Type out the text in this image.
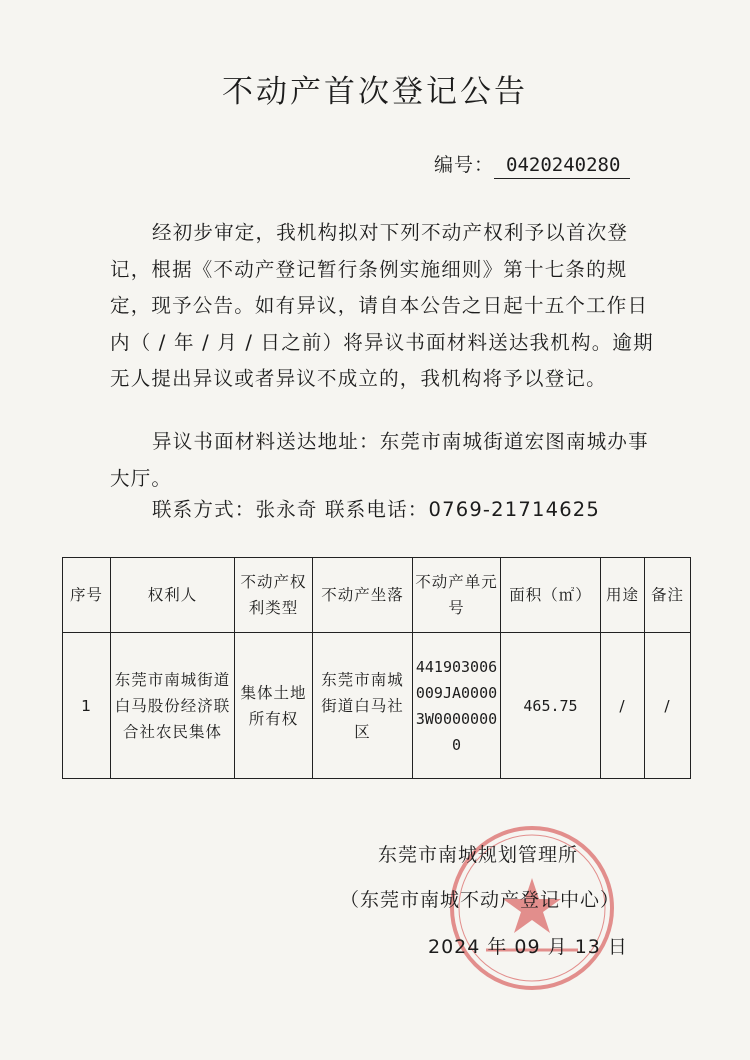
不动产首次登记公告
编号： 0420240280

经初步审定，我机构拟对下列不动产权利予以首次登记，根据《不动产登记暂行条例实施细则》第十七条的规定，现予公告。如有异议，请自本公告之日起十五个工作日内（ / 年 / 月 / 日之前）将异议书面材料送达我机构。逾期无人提出异议或者异议不成立的，我机构将予以登记。

异议书面材料送达地址：东莞市南城街道宏图南城办事大厅。

联系方式：张永奇 联系电话：0769-21714625

序号	权利人	不动产权利类型	不动产坐落	不动产单元号	面积（㎡）	用途	备注
1	东莞市南城街道白马股份经济联合社农民集体	集体土地所有权	东莞市南城街道白马社区	441903006009JA00003W00000000	465.75	/	/
东莞市南城规划管理所
（东莞市南城不动产登记中心）
2024 年 09 月 13 日
